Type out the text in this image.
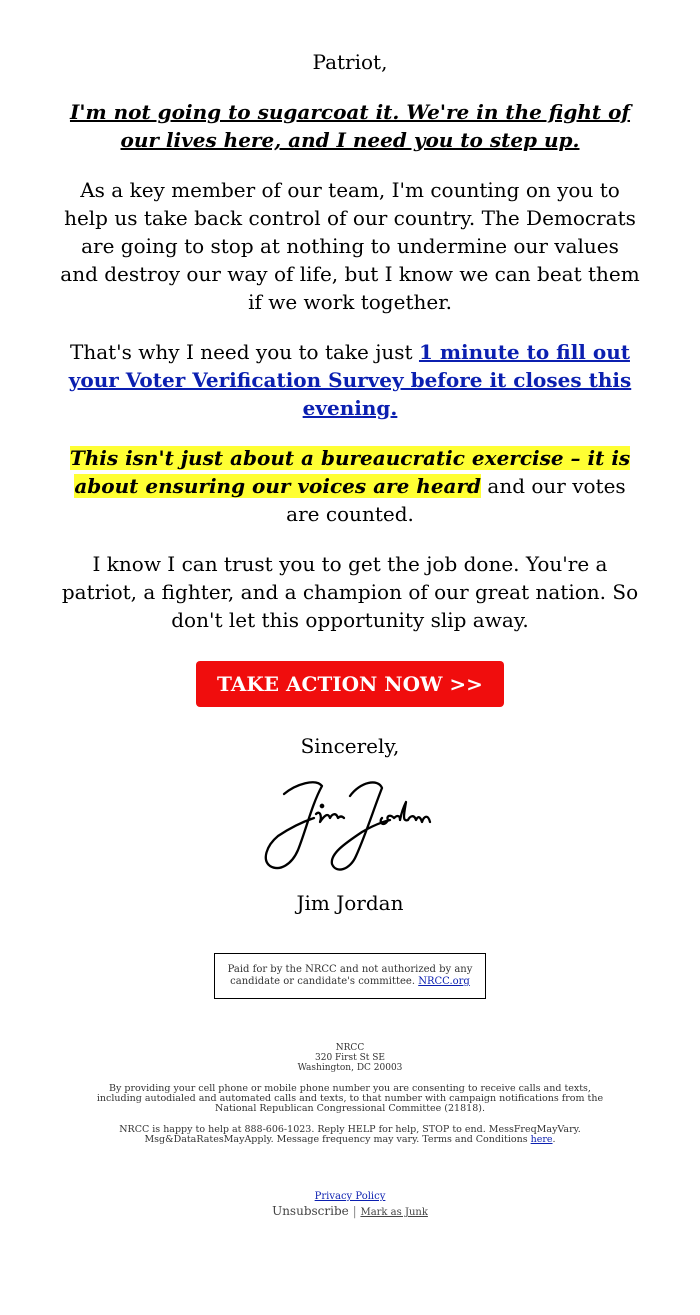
Patriot,

I'm not going to sugarcoat it. We're in the fight of our lives here, and I need you to step up.

As a key member of our team, I'm counting on you to help us take back control of our country. The Democrats are going to stop at nothing to undermine our values and destroy our way of life, but I know we can beat them if we work together.

That's why I need you to take just 1 minute to fill out your Voter Verification Survey before it closes this evening.

This isn't just about a bureaucratic exercise – it is about ensuring our voices are heard and our votes are counted.

I know I can trust you to get the job done. You're a patriot, a fighter, and a champion of our great nation. So don't let this opportunity slip away.

TAKE ACTION NOW >>

Sincerely,

Jim Jordan

Paid for by the NRCC and not authorized by any candidate or candidate's committee. NRCC.org
NRCC
320 First St SE
Washington, DC 20003
By providing your cell phone or mobile phone number you are consenting to receive calls and texts, including autodialed and automated calls and texts, to that number with campaign notifications from the National Republican Congressional Committee (21818).
NRCC is happy to help at 888-606-1023. Reply HELP for help, STOP to end. MessFreqMayVary. Msg&DataRatesMayApply. Message frequency may vary. Terms and Conditions here.
Privacy Policy
Unsubscribe | Mark as Junk
